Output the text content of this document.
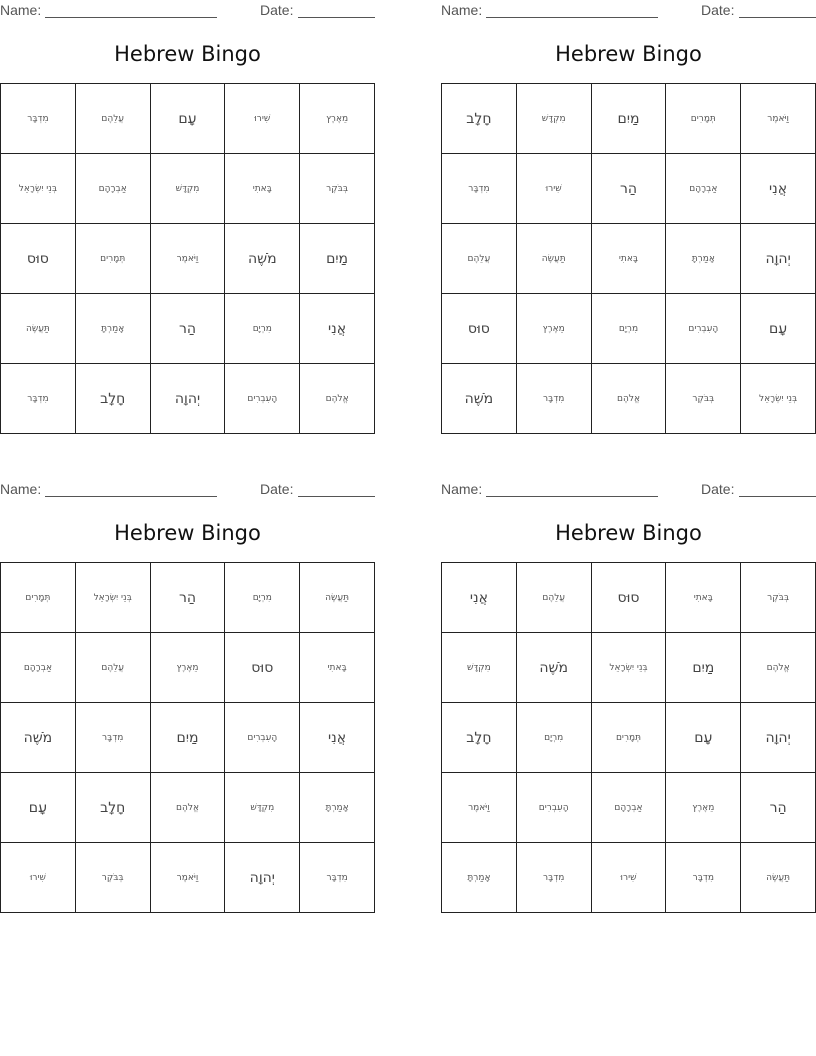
Name:	Date:
Hebrew Bingo
מִדְבָּר	עֲלֵהֶם	עָם	שִׁירוּ	מֵאֶרֶץ
בְּנֵי יִשְׂרָאֵל	אַבְרָהָם	מִקְדָּשׁ	בָּאתִי	בְּבֹּקֶר
סוּס	תְּמָרִים	וַיֹּאמֶר	מֹשֶׁה	מַיִם
תַּעֲשֶׂה	אָמַרְתָּ	הַר	מִרְיָם	אֲנִי
מִדְבָּר	חָלָב	יְהוָה	הָעִבְרִים	אֱלֹהֶם
Name:	Date:
Hebrew Bingo
חָלָב	מִקְדָּשׁ	מַיִם	תְּמָרִים	וַיֹּאמֶר
מִדְבָּר	שִׁירוּ	הַר	אַבְרָהָם	אֲנִי
עֲלֵהֶם	תַּעֲשֶׂה	בָּאתִי	אָמַרְתָּ	יְהוָה
סוּס	מֵאֶרֶץ	מִרְיָם	הָעִבְרִים	עָם
מֹשֶׁה	מִדְבָּר	אֱלֹהֶם	בְּבֹּקֶר	בְּנֵי יִשְׂרָאֵל
Name:	Date:
Hebrew Bingo
תְּמָרִים	בְּנֵי יִשְׂרָאֵל	הַר	מִרְיָם	תַּעֲשֶׂה
אַבְרָהָם	עֲלֵהֶם	מֵאֶרֶץ	סוּס	בָּאתִי
מֹשֶׁה	מִדְבָּר	מַיִם	הָעִבְרִים	אֲנִי
עָם	חָלָב	אֱלֹהֶם	מִקְדָּשׁ	אָמַרְתָּ
שִׁירוּ	בְּבֹּקֶר	וַיֹּאמֶר	יְהוָה	מִדְבָּר
Name:	Date:
Hebrew Bingo
אֲנִי	עֲלֵהֶם	סוּס	בָּאתִי	בְּבֹּקֶר
מִקְדָּשׁ	מֹשֶׁה	בְּנֵי יִשְׂרָאֵל	מַיִם	אֱלֹהֶם
חָלָב	מִרְיָם	תְּמָרִים	עָם	יְהוָה
וַיֹּאמֶר	הָעִבְרִים	אַבְרָהָם	מֵאֶרֶץ	הַר
אָמַרְתָּ	מִדְבָּר	שִׁירוּ	מִדְבָּר	תַּעֲשֶׂה
